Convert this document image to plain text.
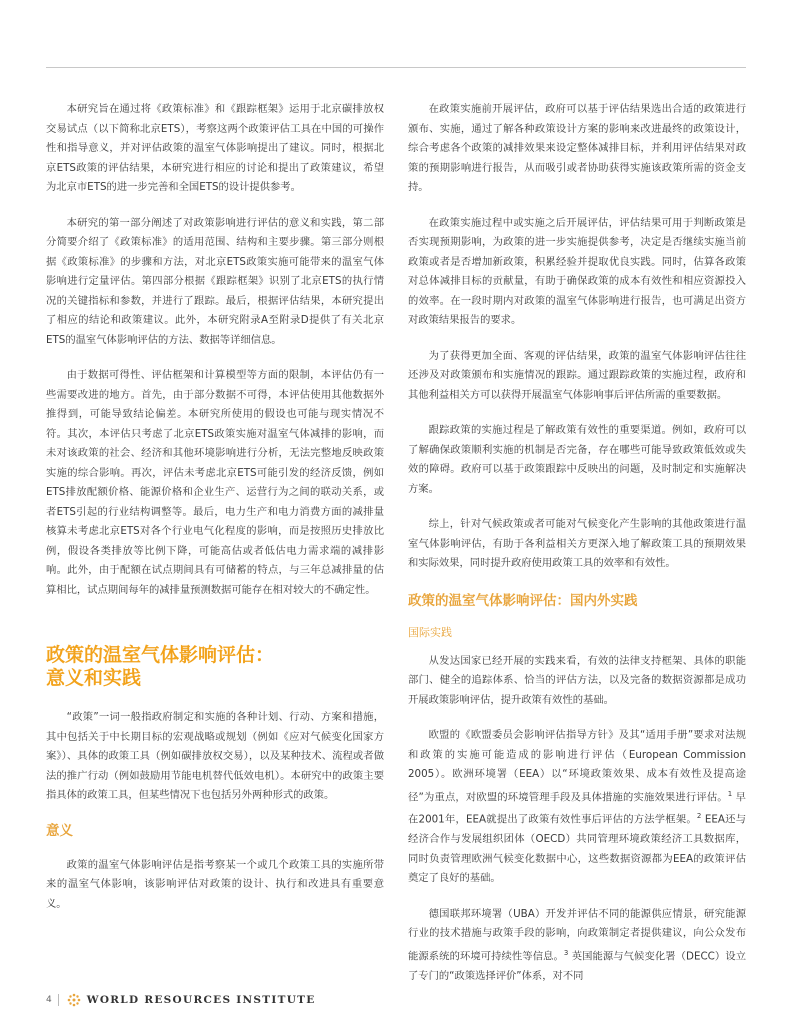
本研究旨在通过将《政策标准》和《跟踪框架》运用于北京碳排放权交易试点（以下简称北京ETS），考察这两个政策评估工具在中国的可操作性和指导意义，并对评估政策的温室气体影响提出了建议。同时，根据北京ETS政策的评估结果，本研究进行相应的讨论和提出了政策建议，希望为北京市ETS的进一步完善和全国ETS的设计提供参考。

本研究的第一部分阐述了对政策影响进行评估的意义和实践，第二部分简要介绍了《政策标准》的适用范围、结构和主要步骤。第三部分则根据《政策标准》的步骤和方法，对北京ETS政策实施可能带来的温室气体影响进行定量评估。第四部分根据《跟踪框架》识别了北京ETS的执行情况的关键指标和参数，并进行了跟踪。最后，根据评估结果，本研究提出了相应的结论和政策建议。此外，本研究附录A至附录D提供了有关北京ETS的温室气体影响评估的方法、数据等详细信息。

由于数据可得性、评估框架和计算模型等方面的限制，本评估仍有一些需要改进的地方。首先，由于部分数据不可得，本评估使用其他数据外推得到，可能导致结论偏差。本研究所使用的假设也可能与现实情况不符。其次，本评估只考虑了北京ETS政策实施对温室气体减排的影响，而未对该政策的社会、经济和其他环境影响进行分析，无法完整地反映政策实施的综合影响。再次，评估未考虑北京ETS可能引发的经济反馈，例如ETS排放配额价格、能源价格和企业生产、运营行为之间的联动关系，或者ETS引起的行业结构调整等。最后，电力生产和电力消费方面的减排量核算未考虑北京ETS对各个行业电气化程度的影响，而是按照历史排放比例，假设各类排放等比例下降，可能高估或者低估电力需求端的减排影响。此外，由于配额在试点期间具有可储蓄的特点，与三年总减排量的估算相比，试点期间每年的减排量预测数据可能存在相对较大的不确定性。

政策的温室气体影响评估：
意义和实践

“政策”一词一般指政府制定和实施的各种计划、行动、方案和措施，其中包括关于中长期目标的宏观战略或规划（例如《应对气候变化国家方案》）、具体的政策工具（例如碳排放权交易），以及某种技术、流程或者做法的推广行动（例如鼓励用节能电机替代低效电机）。本研究中的政策主要指具体的政策工具，但某些情况下也包括另外两种形式的政策。

意义

政策的温室气体影响评估是指考察某一个或几个政策工具的实施所带来的温室气体影响，该影响评估对政策的设计、执行和改进具有重要意义。

在政策实施前开展评估，政府可以基于评估结果选出合适的政策进行颁布、实施，通过了解各种政策设计方案的影响来改进最终的政策设计，综合考虑各个政策的减排效果来设定整体减排目标，并利用评估结果对政策的预期影响进行报告，从而吸引或者协助获得实施该政策所需的资金支持。

在政策实施过程中或实施之后开展评估，评估结果可用于判断政策是否实现预期影响，为政策的进一步实施提供参考，决定是否继续实施当前政策或者是否增加新政策，积累经验并提取优良实践。同时，估算各政策对总体减排目标的贡献量，有助于确保政策的成本有效性和相应资源投入的效率。在一段时期内对政策的温室气体影响进行报告，也可满足出资方对政策结果报告的要求。

为了获得更加全面、客观的评估结果，政策的温室气体影响评估往往还涉及对政策颁布和实施情况的跟踪。通过跟踪政策的实施过程，政府和其他利益相关方可以获得开展温室气体影响事后评估所需的重要数据。

跟踪政策的实施过程是了解政策有效性的重要渠道。例如，政府可以了解确保政策顺利实施的机制是否完备，存在哪些可能导致政策低效或失效的障碍。政府可以基于政策跟踪中反映出的问题，及时制定和实施解决方案。

综上，针对气候政策或者可能对气候变化产生影响的其他政策进行温室气体影响评估，有助于各利益相关方更深入地了解政策工具的预期效果和实际效果，同时提升政府使用政策工具的效率和有效性。

政策的温室气体影响评估：国内外实践
国际实践

从发达国家已经开展的实践来看，有效的法律支持框架、具体的职能部门、健全的追踪体系、恰当的评估方法，以及完备的数据资源都是成功开展政策影响评估，提升政策有效性的基础。

欧盟的《欧盟委员会影响评估指导方针》及其“适用手册”要求对法规和政策的实施可能造成的影响进行评估（European Commission 2005）。欧洲环境署（EEA）以“环境政策效果、成本有效性及提高途径”为重点，对欧盟的环境管理手段及具体措施的实施效果进行评估。$^1$ 早在2001年，EEA就提出了政策有效性事后评估的方法学框架。$^2$ EEA还与经济合作与发展组织团体（OECD）共同管理环境政策经济工具数据库，同时负责管理欧洲气候变化数据中心，这些数据资源都为EEA的政策评估奠定了良好的基础。

德国联邦环境署（UBA）开发并评估不同的能源供应情景，研究能源行业的技术措施与政策手段的影响，向政策制定者提供建议，向公众发布能源系统的环境可持续性等信息。$^3$ 英国能源与气候变化署（DECC）设立了专门的“政策选择评价”体系，对不同

4	WORLD RESOURCES INSTITUTE
